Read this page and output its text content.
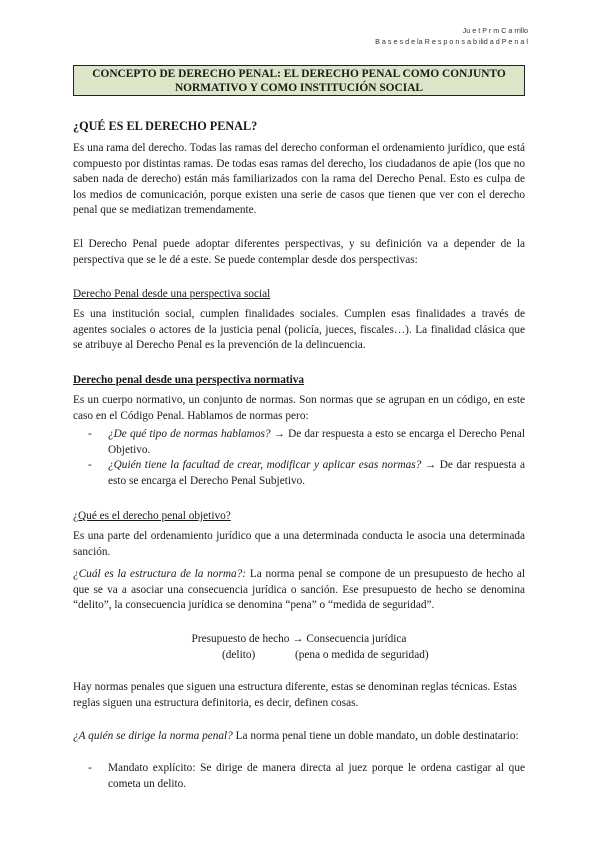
Ju e t P r m C a rrillo
B a s e s d e la R e s p o n s a b ilid a d P e n a l
CONCEPTO DE DERECHO PENAL: EL DERECHO PENAL COMO CONJUNTO
NORMATIVO Y COMO INSTITUCIÓN SOCIAL
¿QUÉ ES EL DERECHO PENAL?
Es una rama del derecho. Todas las ramas del derecho conforman el ordenamiento jurídico, que está compuesto por distintas ramas. De todas esas ramas del derecho, los ciudadanos de apie (los que no saben nada de derecho) están más familiarizados con la rama del Derecho Penal. Esto es culpa de los medios de comunicación, porque existen una serie de casos que tienen que ver con el derecho penal que se mediatizan tremendamente.
El Derecho Penal puede adoptar diferentes perspectivas, y su definición va a depender de la perspectiva que se le dé a este. Se puede contemplar desde dos perspectivas:
Derecho Penal desde una perspectiva social
Es una institución social, cumplen finalidades sociales. Cumplen esas finalidades a través de agentes sociales o actores de la justicia penal (policía, jueces, fiscales…). La finalidad clásica que se atribuye al Derecho Penal es la prevención de la delincuencia.
Derecho penal desde una perspectiva normativa
Es un cuerpo normativo, un conjunto de normas. Son normas que se agrupan en un código, en este caso en el Código Penal. Hablamos de normas pero:
- ¿De qué tipo de normas hablamos? → De dar respuesta a esto se encarga el Derecho Penal Objetivo.
- ¿Quién tiene la facultad de crear, modificar y aplicar esas normas? → De dar respuesta a esto se encarga el Derecho Penal Subjetivo.
¿Qué es el derecho penal objetivo?
Es una parte del ordenamiento jurídico que a una determinada conducta le asocia una determinada sanción.
¿Cuál es la estructura de la norma?: La norma penal se compone de un presupuesto de hecho al que se va a asociar una consecuencia jurídica o sanción. Ese presupuesto de hecho se denomina “delito”, la consecuencia jurídica se denomina “pena” o “medida de seguridad”.
Presupuesto de hecho → Consecuencia jurídica
(delito)	(pena o medida de seguridad)
Hay normas penales que siguen una estructura diferente, estas se denominan reglas técnicas. Estas reglas siguen una estructura definitoria, es decir, definen cosas.
¿A quién se dirige la norma penal? La norma penal tiene un doble mandato, un doble destinatario:
- Mandato explícito: Se dirige de manera directa al juez porque le ordena castigar al que cometa un delito.
